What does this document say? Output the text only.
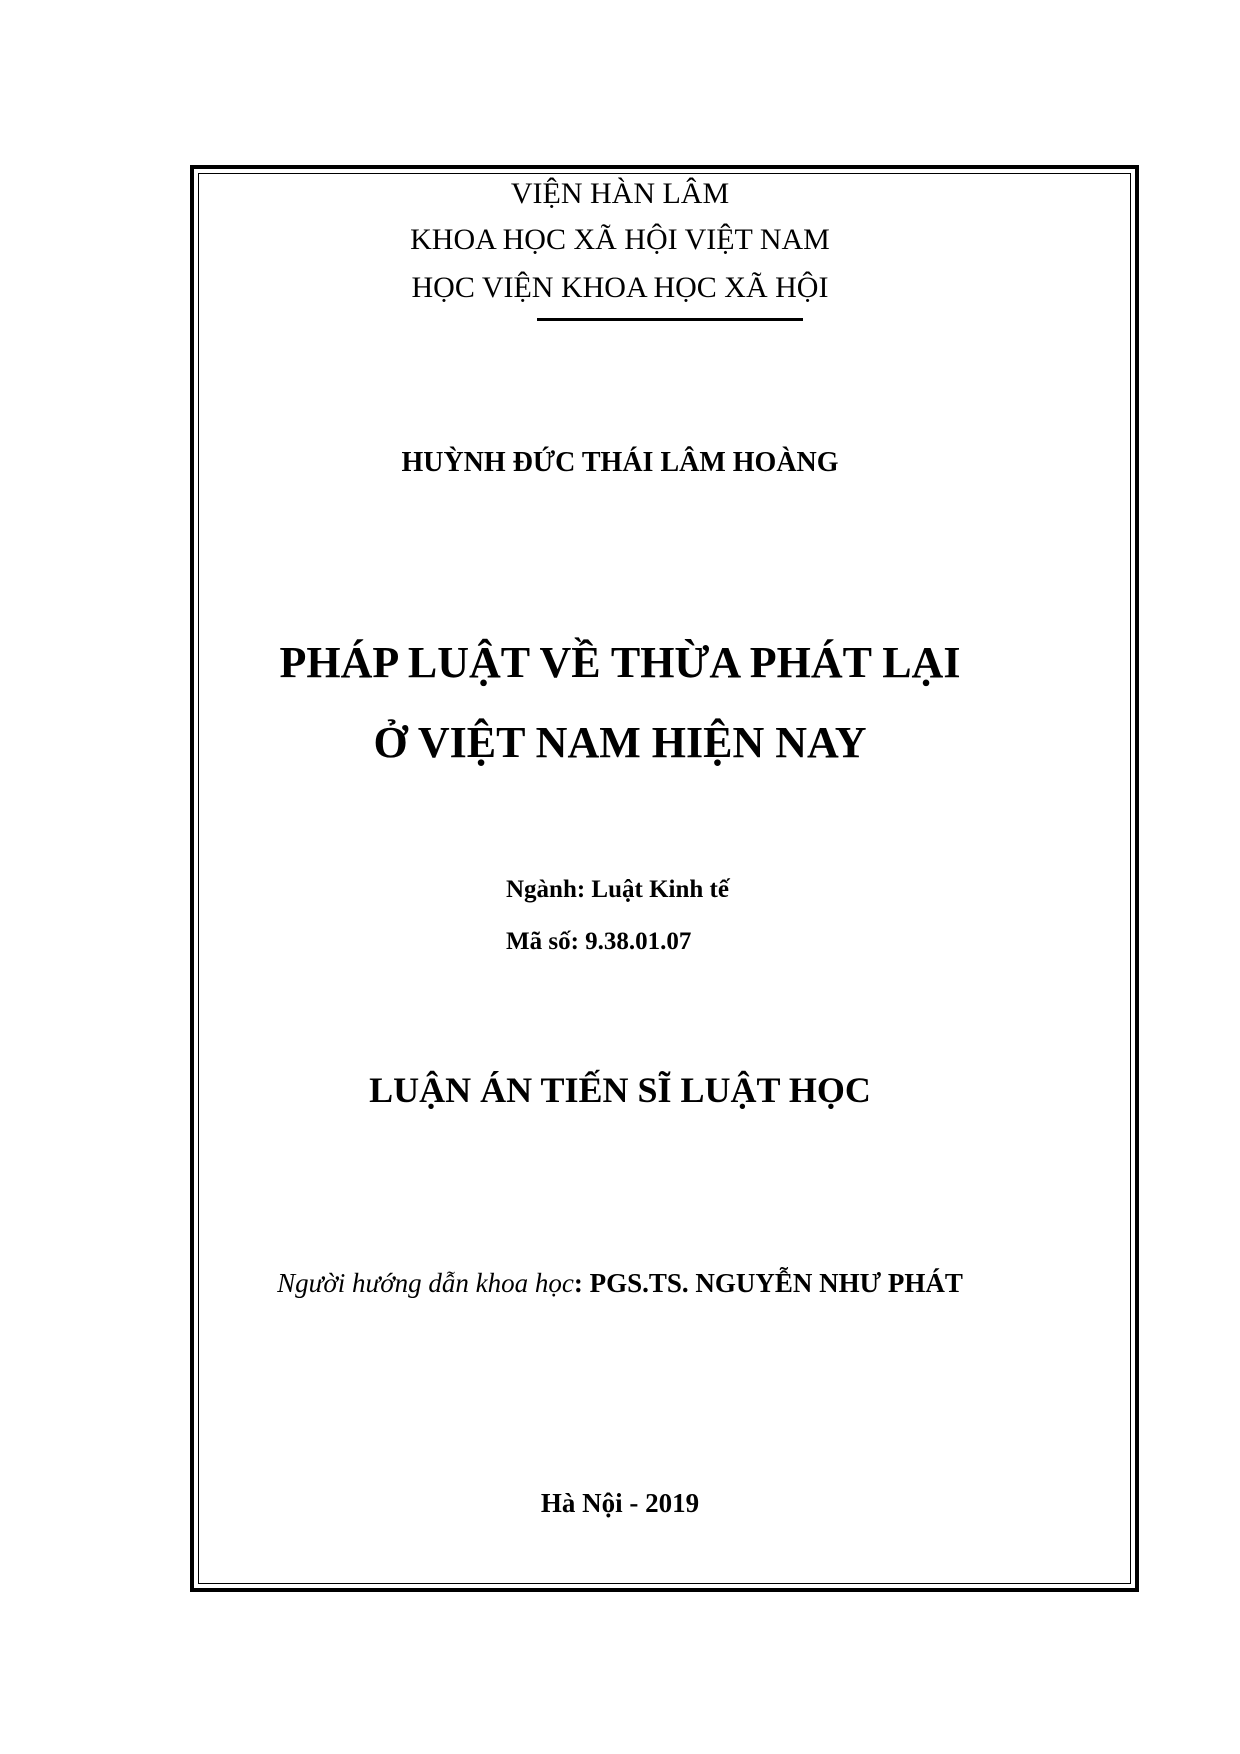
VIỆN HÀN LÂM
KHOA HỌC XÃ HỘI VIỆT NAM
HỌC VIỆN KHOA HỌC XÃ HỘI
HUỲNH ĐỨC THÁI LÂM HOÀNG
PHÁP LUẬT VỀ THỪA PHÁT LẠI
Ở VIỆT NAM HIỆN NAY
Ngành: Luật Kinh tế
Mã số: 9.38.01.07
LUẬN ÁN TIẾN SĨ LUẬT HỌC
Người hướng dẫn khoa học: PGS.TS. NGUYỄN NHƯ PHÁT
Hà Nội - 2019
